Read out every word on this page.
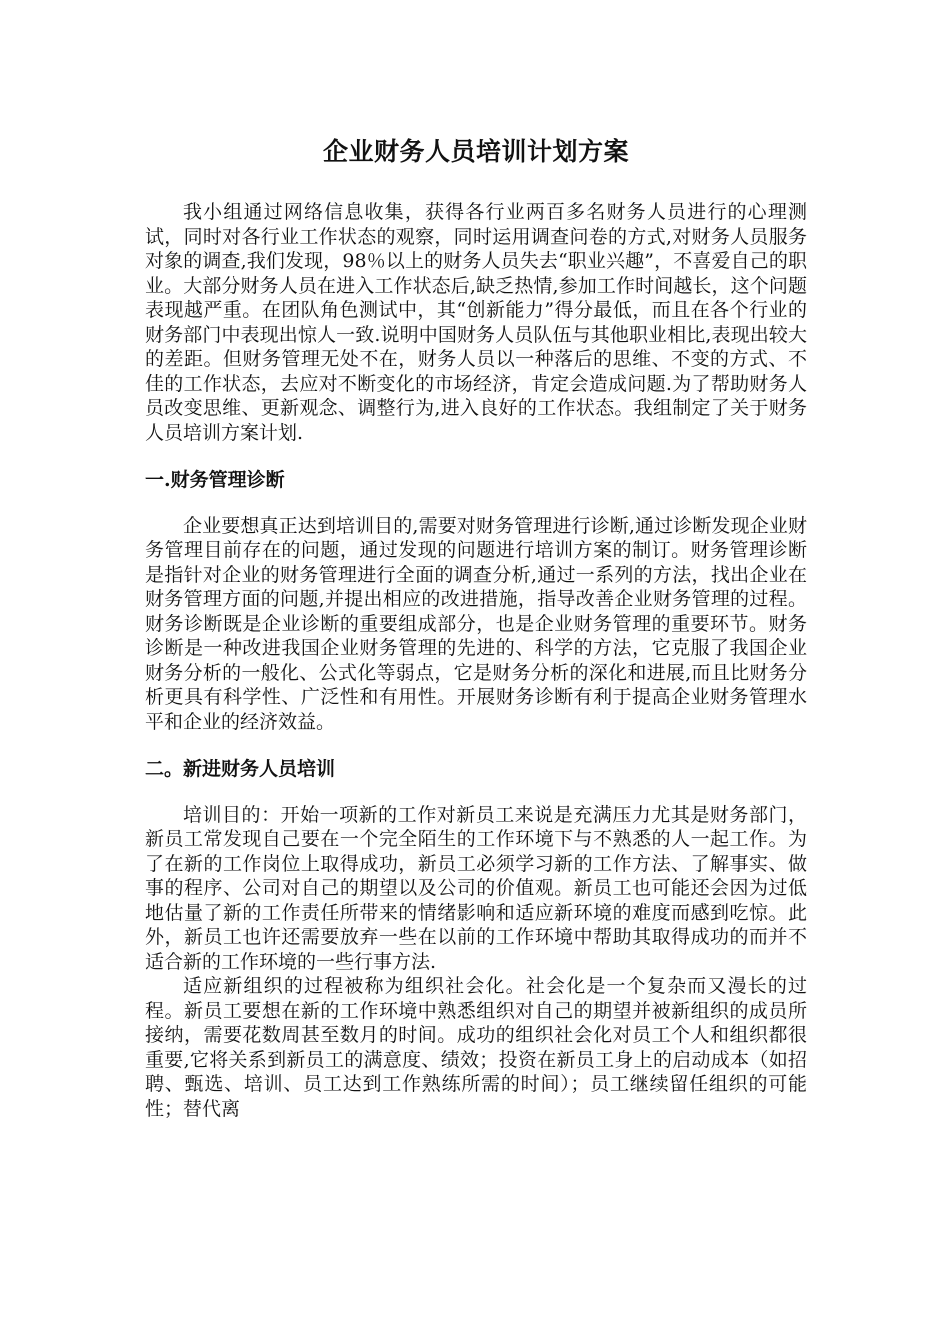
企业财务人员培训计划方案

我小组通过网络信息收集，获得各行业两百多名财务人员进行的心理测试，同时对各行业工作状态的观察，同时运用调查问卷的方式,对财务人员服务对象的调查,我们发现，98％以上的财务人员失去“职业兴趣”，不喜爱自己的职业。大部分财务人员在进入工作状态后,缺乏热情,参加工作时间越长，这个问题表现越严重。在团队角色测试中，其“创新能力”得分最低，而且在各个行业的财务部门中表现出惊人一致.说明中国财务人员队伍与其他职业相比,表现出较大的差距。但财务管理无处不在，财务人员以一种落后的思维、不变的方式、不佳的工作状态，去应对不断变化的市场经济，肯定会造成问题.为了帮助财务人员改变思维、更新观念、调整行为,进入良好的工作状态。我组制定了关于财务人员培训方案计划.

一.财务管理诊断

企业要想真正达到培训目的,需要对财务管理进行诊断,通过诊断发现企业财务管理目前存在的问题，通过发现的问题进行培训方案的制订。财务管理诊断是指针对企业的财务管理进行全面的调查分析,通过一系列的方法，找出企业在财务管理方面的问题,并提出相应的改进措施，指导改善企业财务管理的过程。财务诊断既是企业诊断的重要组成部分，也是企业财务管理的重要环节。财务诊断是一种改进我国企业财务管理的先进的、科学的方法，它克服了我国企业财务分析的一般化、公式化等弱点，它是财务分析的深化和进展,而且比财务分析更具有科学性、广泛性和有用性。开展财务诊断有利于提高企业财务管理水平和企业的经济效益。

二。新进财务人员培训

培训目的：开始一项新的工作对新员工来说是充满压力尤其是财务部门，新员工常发现自己要在一个完全陌生的工作环境下与不熟悉的人一起工作。为了在新的工作岗位上取得成功，新员工必须学习新的工作方法、了解事实、做事的程序、公司对自己的期望以及公司的价值观。新员工也可能还会因为过低地估量了新的工作责任所带来的情绪影响和适应新环境的难度而感到吃惊。此外，新员工也许还需要放弃一些在以前的工作环境中帮助其取得成功的而并不适合新的工作环境的一些行事方法.

适应新组织的过程被称为组织社会化。社会化是一个复杂而又漫长的过程。新员工要想在新的工作环境中熟悉组织对自己的期望并被新组织的成员所接纳，需要花数周甚至数月的时间。成功的组织社会化对员工个人和组织都很重要,它将关系到新员工的满意度、绩效；投资在新员工身上的启动成本（如招聘、甄选、培训、员工达到工作熟练所需的时间）；员工继续留任组织的可能性；替代离
